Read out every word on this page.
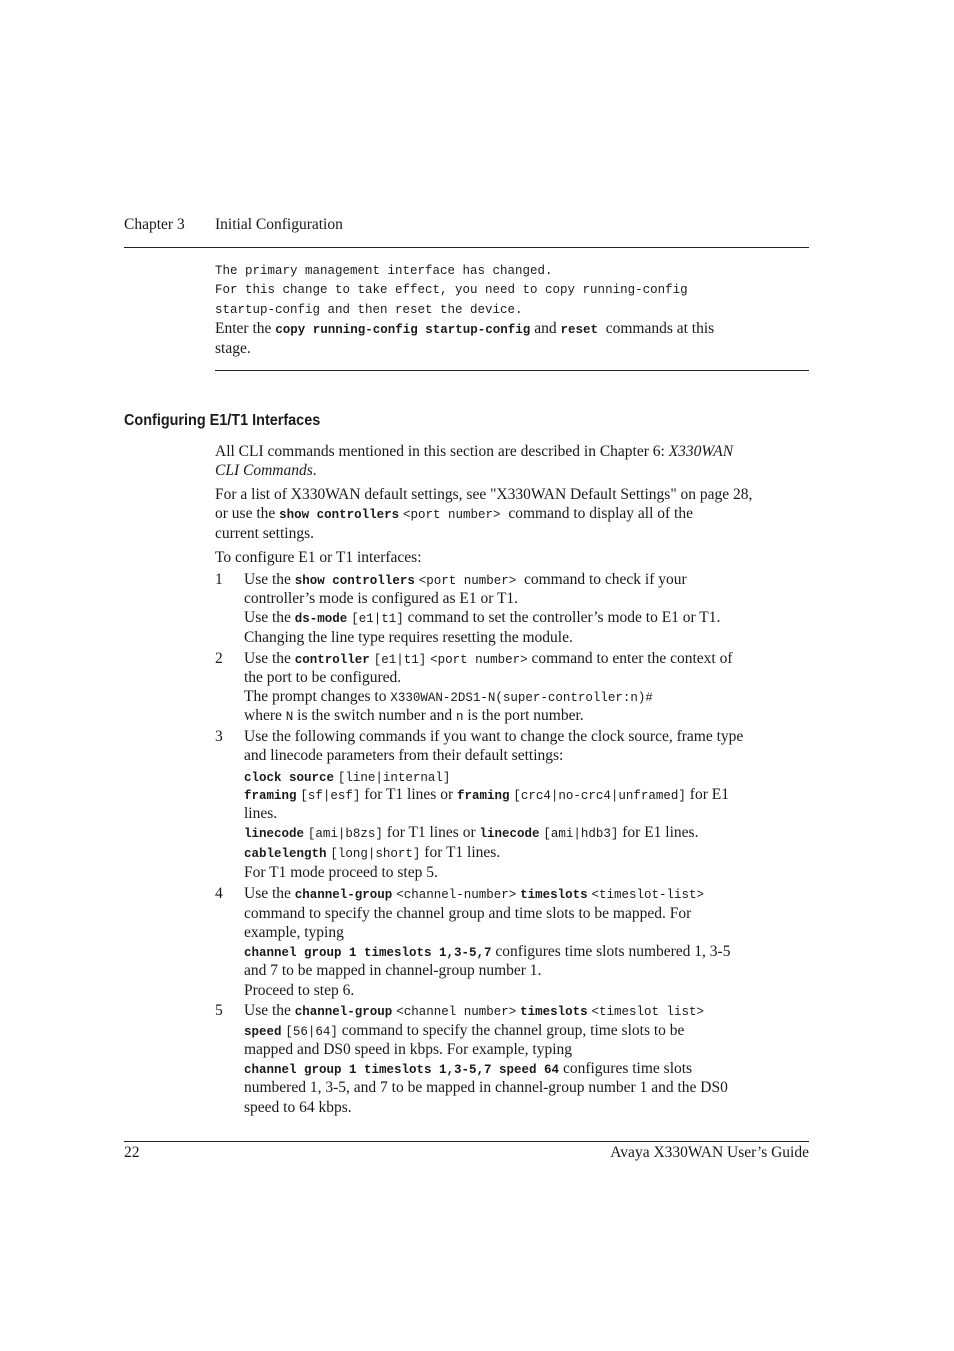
Chapter 3 Initial Configuration
The primary management interface has changed.
For this change to take effect, you need to copy running-config
startup-config and then reset the device.
Enter the copy running-config startup-config and reset commands at this
stage.
Configuring E1/T1 Interfaces
All CLI commands mentioned in this section are described in Chapter 6: X330WAN
CLI Commands.
For a list of X330WAN default settings, see "X330WAN Default Settings" on page 28,
or use the show controllers <port number> command to display all of the
current settings.
To configure E1 or T1 interfaces:
1 Use the show controllers <port number> command to check if your
controller’s mode is configured as E1 or T1.
Use the ds-mode [e1|t1] command to set the controller’s mode to E1 or T1.
Changing the line type requires resetting the module.
2 Use the controller [e1|t1] <port number> command to enter the context of
the port to be configured.
The prompt changes to X330WAN-2DS1-N(super-controller:n)#
where N is the switch number and n is the port number.
3 Use the following commands if you want to change the clock source, frame type
and linecode parameters from their default settings:
clock source [line|internal]
framing [sf|esf] for T1 lines or framing [crc4|no-crc4|unframed] for E1
lines.
linecode [ami|b8zs] for T1 lines or linecode [ami|hdb3] for E1 lines.
cablelength [long|short] for T1 lines.
For T1 mode proceed to step 5.
4 Use the channel-group <channel-number> timeslots <timeslot-list>
command to specify the channel group and time slots to be mapped. For
example, typing
channel group 1 timeslots 1,3-5,7 configures time slots numbered 1, 3-5
and 7 to be mapped in channel-group number 1.
Proceed to step 6.
5 Use the channel-group <channel number> timeslots <timeslot list>
speed [56|64] command to specify the channel group, time slots to be
mapped and DS0 speed in kbps. For example, typing
channel group 1 timeslots 1,3-5,7 speed 64 configures time slots
numbered 1, 3-5, and 7 to be mapped in channel-group number 1 and the DS0
speed to 64 kbps.
22	Avaya X330WAN User’s Guide
